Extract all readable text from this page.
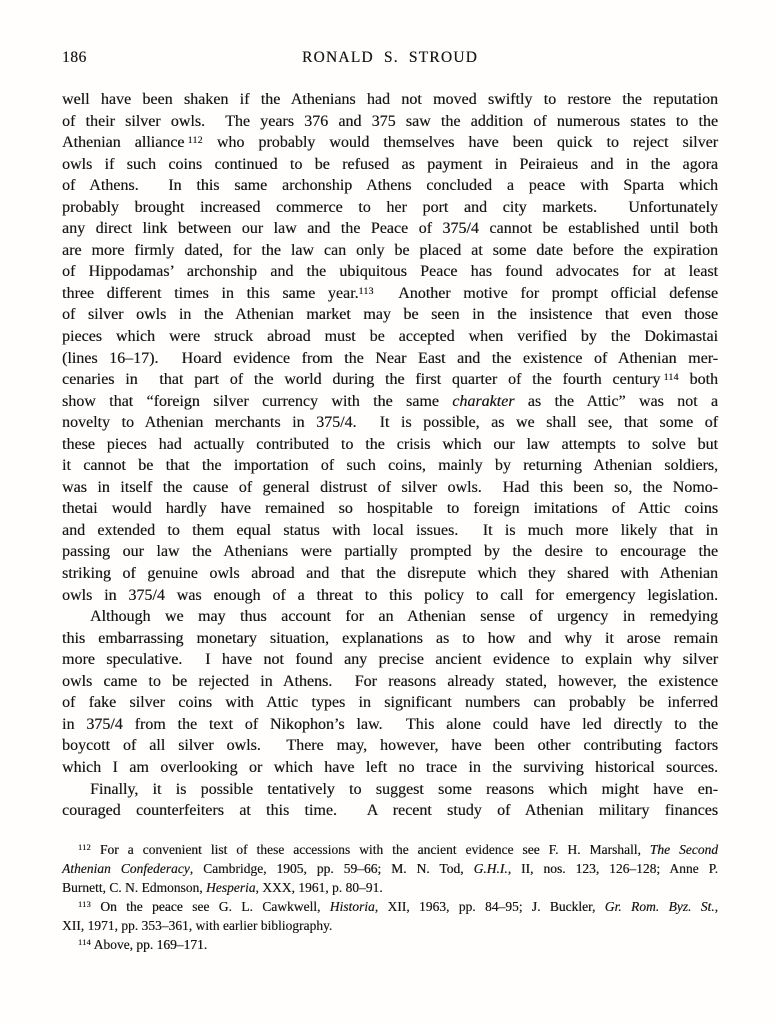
186	RONALD S. STROUD
well have been shaken if the Athenians had not moved swiftly to restore the reputation
of their silver owls.  The years 376 and 375 saw the addition of numerous states to the
Athenian alliance $^{112}$ who probably would themselves have been quick to reject silver
owls if such coins continued to be refused as payment in Peiraieus and in the agora
of Athens.  In this same archonship Athens concluded a peace with Sparta which
probably brought increased commerce to her port and city markets.  Unfortunately
any direct link between our law and the Peace of 375/4 cannot be established until both
are more firmly dated, for the law can only be placed at some date before the expiration
of Hippodamas’ archonship and the ubiquitous Peace has found advocates for at least
three different times in this same year.$^{113}$  Another motive for prompt official defense
of silver owls in the Athenian market may be seen in the insistence that even those
pieces which were struck abroad must be accepted when verified by the Dokimastai
(lines 16–17).  Hoard evidence from the Near East and the existence of Athenian mer-
cenaries in  that part of the world during the first quarter of the fourth century $^{114}$ both
show that “foreign silver currency with the same charakter as the Attic” was not a
novelty to Athenian merchants in 375/4.  It is possible, as we shall see, that some of
these pieces had actually contributed to the crisis which our law attempts to solve but
it cannot be that the importation of such coins, mainly by returning Athenian soldiers,
was in itself the cause of general distrust of silver owls.  Had this been so, the Nomo-
thetai would hardly have remained so hospitable to foreign imitations of Attic coins
and extended to them equal status with local issues.  It is much more likely that in
passing our law the Athenians were partially prompted by the desire to encourage the
striking of genuine owls abroad and that the disrepute which they shared with Athenian
owls in 375/4 was enough of a threat to this policy to call for emergency legislation.
Although we may thus account for an Athenian sense of urgency in remedying
this embarrassing monetary situation, explanations as to how and why it arose remain
more speculative.  I have not found any precise ancient evidence to explain why silver
owls came to be rejected in Athens.  For reasons already stated, however, the existence
of fake silver coins with Attic types in significant numbers can probably be inferred
in 375/4 from the text of Nikophon’s law.  This alone could have led directly to the
boycott of all silver owls.  There may, however, have been other contributing factors
which I am overlooking or which have left no trace in the surviving historical sources.
Finally, it is possible tentatively to suggest some reasons which might have en-
couraged counterfeiters at this time.  A recent study of Athenian military finances
$^{112}$ For a convenient list of these accessions with the ancient evidence see F. H. Marshall, The Second
Athenian Confederacy, Cambridge, 1905, pp. 59–66; M. N. Tod, G.H.I., II, nos. 123, 126–128; Anne P.
Burnett, C. N. Edmonson, Hesperia, XXX, 1961, p. 80–91.
$^{113}$ On the peace see G. L. Cawkwell, Historia, XII, 1963, pp. 84–95; J. Buckler, Gr. Rom. Byz. St.,
XII, 1971, pp. 353–361, with earlier bibliography.
$^{114}$ Above, pp. 169–171.
